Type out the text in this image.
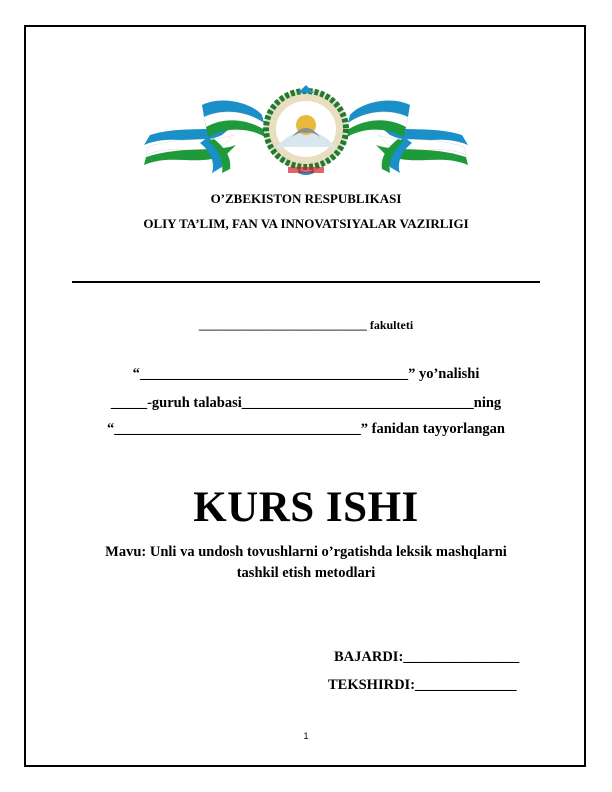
O’ZBEKISTON RESPUBLIKASI
OLIY TA’LIM, FAN VA INNOVATSIYALAR VAZIRLIGI
____________________________ fakulteti
“_____________________________________” yo’nalishi
_____-guruh talabasi________________________________ning
“__________________________________” fanidan tayyorlangan
KURS ISHI
Mavu: Unli va undosh tovushlarni o’rgatishda leksik mashqlarni
tashkil etish metodlari
BAJARDI:________________
TEKSHIRDI:______________
1
